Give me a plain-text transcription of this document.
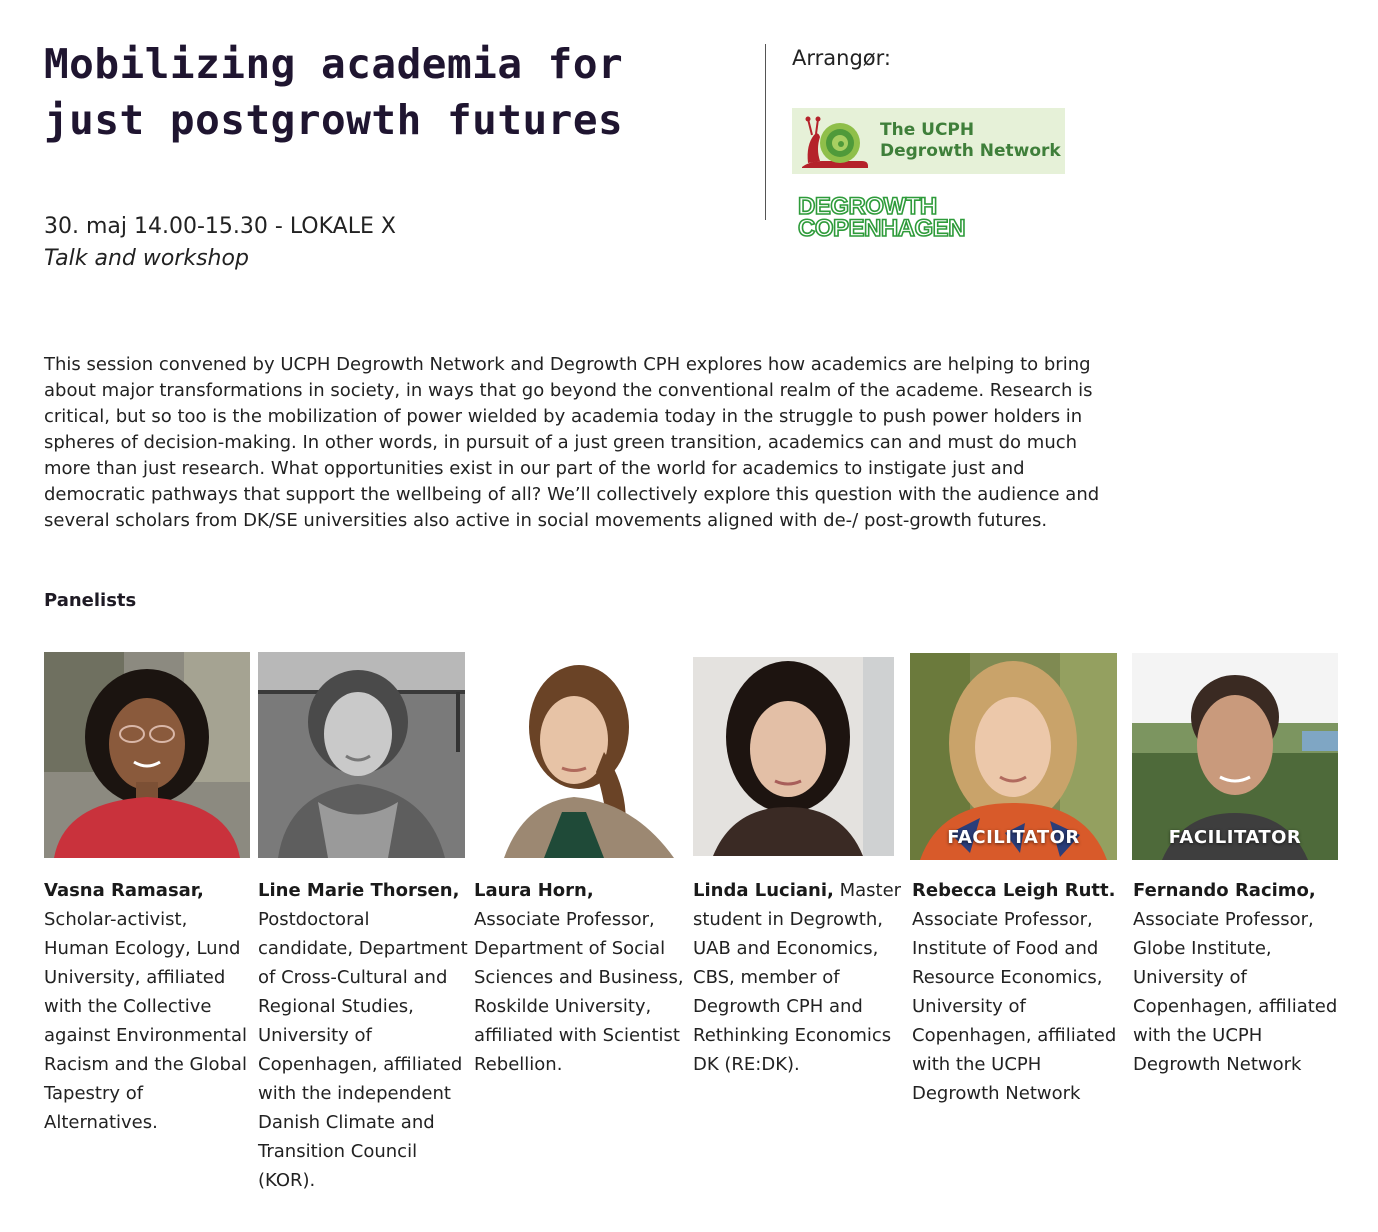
Mobilizing academia for
just postgrowth futures
Arrangør:
The UCPH
Degrowth Network
DEGROWTH
COPENHAGEN
30. maj 14.00-15.30 - LOKALE X
Talk and workshop

This session convened by UCPH Degrowth Network and Degrowth CPH explores how academics are helping to bring about major transformations in society, in ways that go beyond the conventional realm of the academe. Research is critical, but so too is the mobilization of power wielded by academia today in the struggle to push power holders in spheres of decision-making. In other words, in pursuit of a just green transition, academics can and must do much more than just research. What opportunities exist in our part of the world for academics to instigate just and democratic pathways that support the wellbeing of all? We’ll collectively explore this question with the audience and several scholars from DK/SE universities also active in social movements aligned with de-/ post-growth futures.

Panelists
Vasna Ramasar, Scholar-activist, Human Ecology, Lund University, affiliated with the Collective against Environmental Racism and the Global Tapestry of Alternatives.
Line Marie Thorsen, Postdoctoral candidate, Department of Cross-Cultural and Regional Studies, University of Copenhagen, affiliated with the independent Danish Climate and Transition Council (KOR).
Laura Horn, Associate Professor, Department of Social Sciences and Business, Roskilde University, affiliated with Scientist Rebellion.
Linda Luciani, Master student in Degrowth, UAB and Economics, CBS, member of Degrowth CPH and Rethinking Economics DK (RE:DK).
FACILITATOR
Rebecca Leigh Rutt. Associate Professor, Institute of Food and Resource Economics, University of Copenhagen, affiliated with the UCPH Degrowth Network
FACILITATOR
Fernando Racimo, Associate Professor, Globe Institute, University of Copenhagen, affiliated with the UCPH Degrowth Network
